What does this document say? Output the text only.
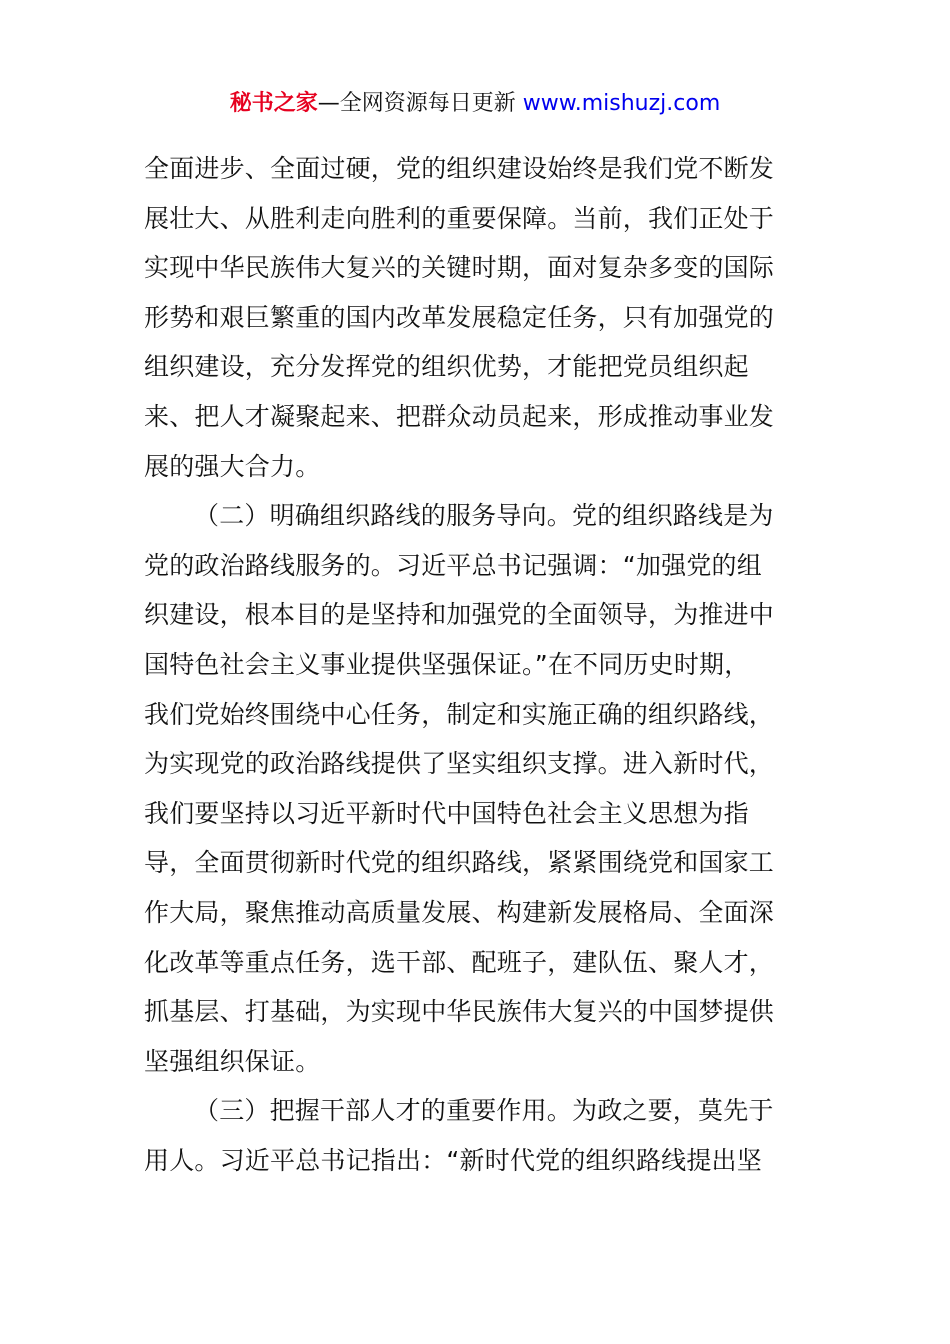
秘书之家—全网资源每日更新 www.mishuzj.com
全面进步、全面过硬，党的组织建设始终是我们党不断发
展壮大、从胜利走向胜利的重要保障。当前，我们正处于
实现中华民族伟大复兴的关键时期，面对复杂多变的国际
形势和艰巨繁重的国内改革发展稳定任务，只有加强党的
组织建设，充分发挥党的组织优势，才能把党员组织起
来、把人才凝聚起来、把群众动员起来，形成推动事业发
展的强大合力。
（二）明确组织路线的服务导向。党的组织路线是为
党的政治路线服务的。习近平总书记强调：“加强党的组
织建设，根本目的是坚持和加强党的全面领导，为推进中
国特色社会主义事业提供坚强保证。”在不同历史时期，
我们党始终围绕中心任务，制定和实施正确的组织路线，
为实现党的政治路线提供了坚实组织支撑。进入新时代，
我们要坚持以习近平新时代中国特色社会主义思想为指
导，全面贯彻新时代党的组织路线，紧紧围绕党和国家工
作大局，聚焦推动高质量发展、构建新发展格局、全面深
化改革等重点任务，选干部、配班子，建队伍、聚人才，
抓基层、打基础，为实现中华民族伟大复兴的中国梦提供
坚强组织保证。
（三）把握干部人才的重要作用。为政之要，莫先于
用人。习近平总书记指出：“新时代党的组织路线提出坚
